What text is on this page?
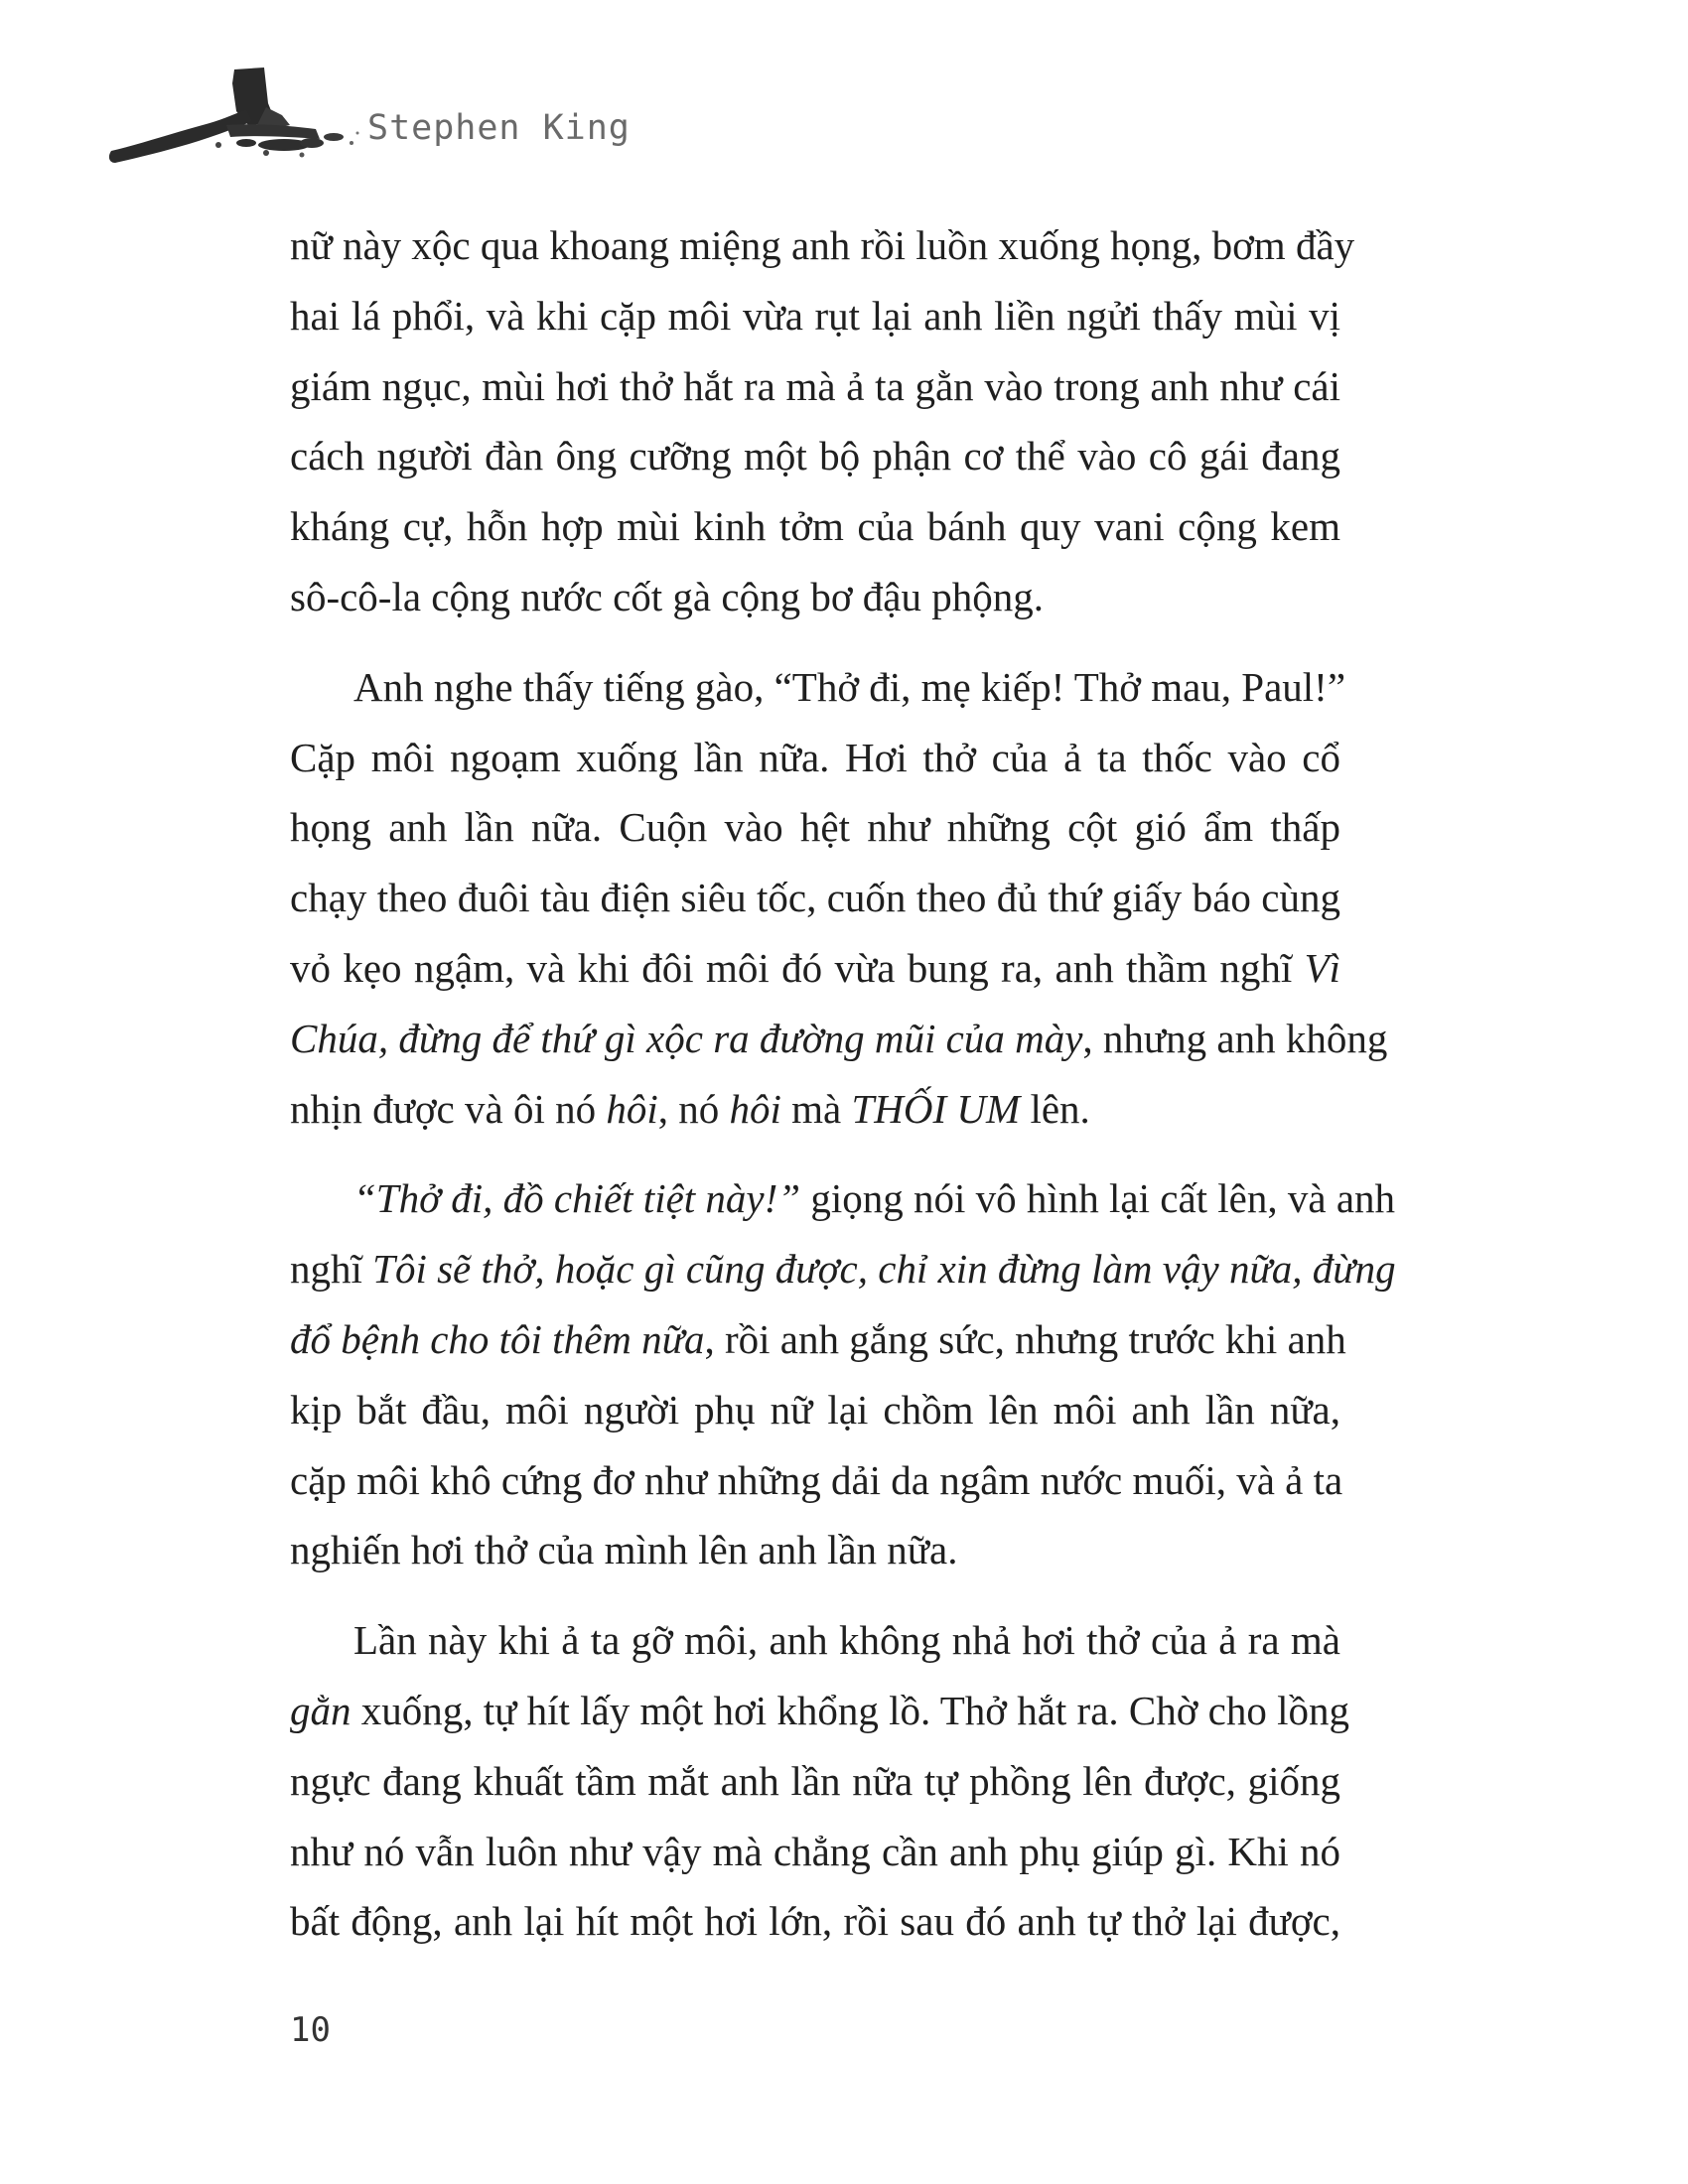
Stephen King
nữ này xộc qua khoang miệng anh rồi luồn xuống họng, bơm đầy
hai lá phổi, và khi cặp môi vừa rụt lại anh liền ngửi thấy mùi vị
giám ngục, mùi hơi thở hắt ra mà ả ta gằn vào trong anh như cái
cách người đàn ông cưỡng một bộ phận cơ thể vào cô gái đang
kháng cự, hỗn hợp mùi kinh tởm của bánh quy vani cộng kem
sô-cô-la cộng nước cốt gà cộng bơ đậu phộng.
Anh nghe thấy tiếng gào, “Thở đi, mẹ kiếp! Thở mau, Paul!”
Cặp môi ngoạm xuống lần nữa. Hơi thở của ả ta thốc vào cổ
họng anh lần nữa. Cuộn vào hệt như những cột gió ẩm thấp
chạy theo đuôi tàu điện siêu tốc, cuốn theo đủ thứ giấy báo cùng
vỏ kẹo ngậm, và khi đôi môi đó vừa bung ra, anh thầm nghĩ Vì
Chúa, đừng để thứ gì xộc ra đường mũi của mày, nhưng anh không
nhịn được và ôi nó hôi, nó hôi mà THỐI UM lên.
“Thở đi, đồ chiết tiệt này!” giọng nói vô hình lại cất lên, và anh
nghĩ Tôi sẽ thở, hoặc gì cũng được, chỉ xin đừng làm vậy nữa, đừng
đổ bệnh cho tôi thêm nữa, rồi anh gắng sức, nhưng trước khi anh
kịp bắt đầu, môi người phụ nữ lại chồm lên môi anh lần nữa,
cặp môi khô cứng đơ như những dải da ngâm nước muối, và ả ta
nghiến hơi thở của mình lên anh lần nữa.
Lần này khi ả ta gỡ môi, anh không nhả hơi thở của ả ra mà
gằn xuống, tự hít lấy một hơi khổng lồ. Thở hắt ra. Chờ cho lồng
ngực đang khuất tầm mắt anh lần nữa tự phồng lên được, giống
như nó vẫn luôn như vậy mà chẳng cần anh phụ giúp gì. Khi nó
bất động, anh lại hít một hơi lớn, rồi sau đó anh tự thở lại được,
10
